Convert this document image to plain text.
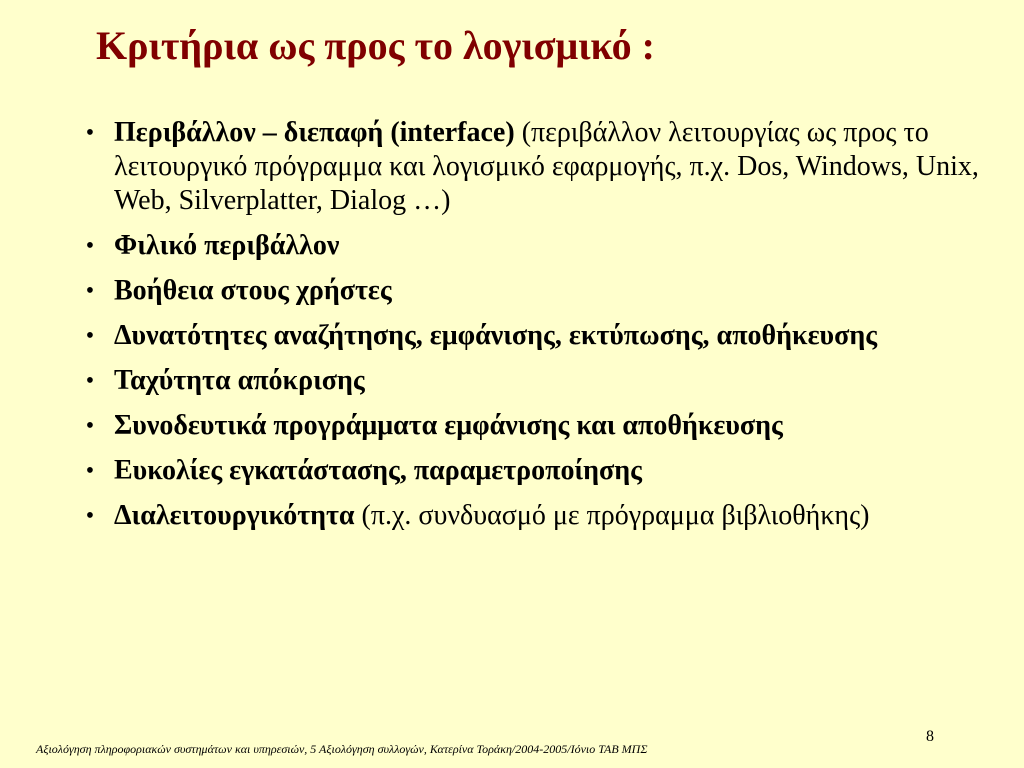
Κριτήρια ως προς το λογισμικό :
• Περιβάλλον – διεπαφή (interface) (περιβάλλον λειτουργίας ως προς το λειτουργικό πρόγραμμα και λογισμικό εφαρμογής, π.χ. Dos, Windows, Unix, Web, Silverplatter, Dialog …)
• Φιλικό περιβάλλον
• Βοήθεια στους χρήστες
• Δυνατότητες αναζήτησης, εμφάνισης, εκτύπωσης, αποθήκευσης
• Ταχύτητα απόκρισης
• Συνοδευτικά προγράμματα εμφάνισης και αποθήκευσης
• Ευκολίες εγκατάστασης, παραμετροποίησης
• Διαλειτουργικότητα (π.χ. συνδυασμό με πρόγραμμα βιβλιοθήκης)
Αξιολόγηση πληροφοριακών συστημάτων και υπηρεσιών, 5 Αξιολόγηση συλλογών, Κατερίνα Τοράκη/2004-2005/Ιόνιο ΤΑΒ ΜΠΣ
8
